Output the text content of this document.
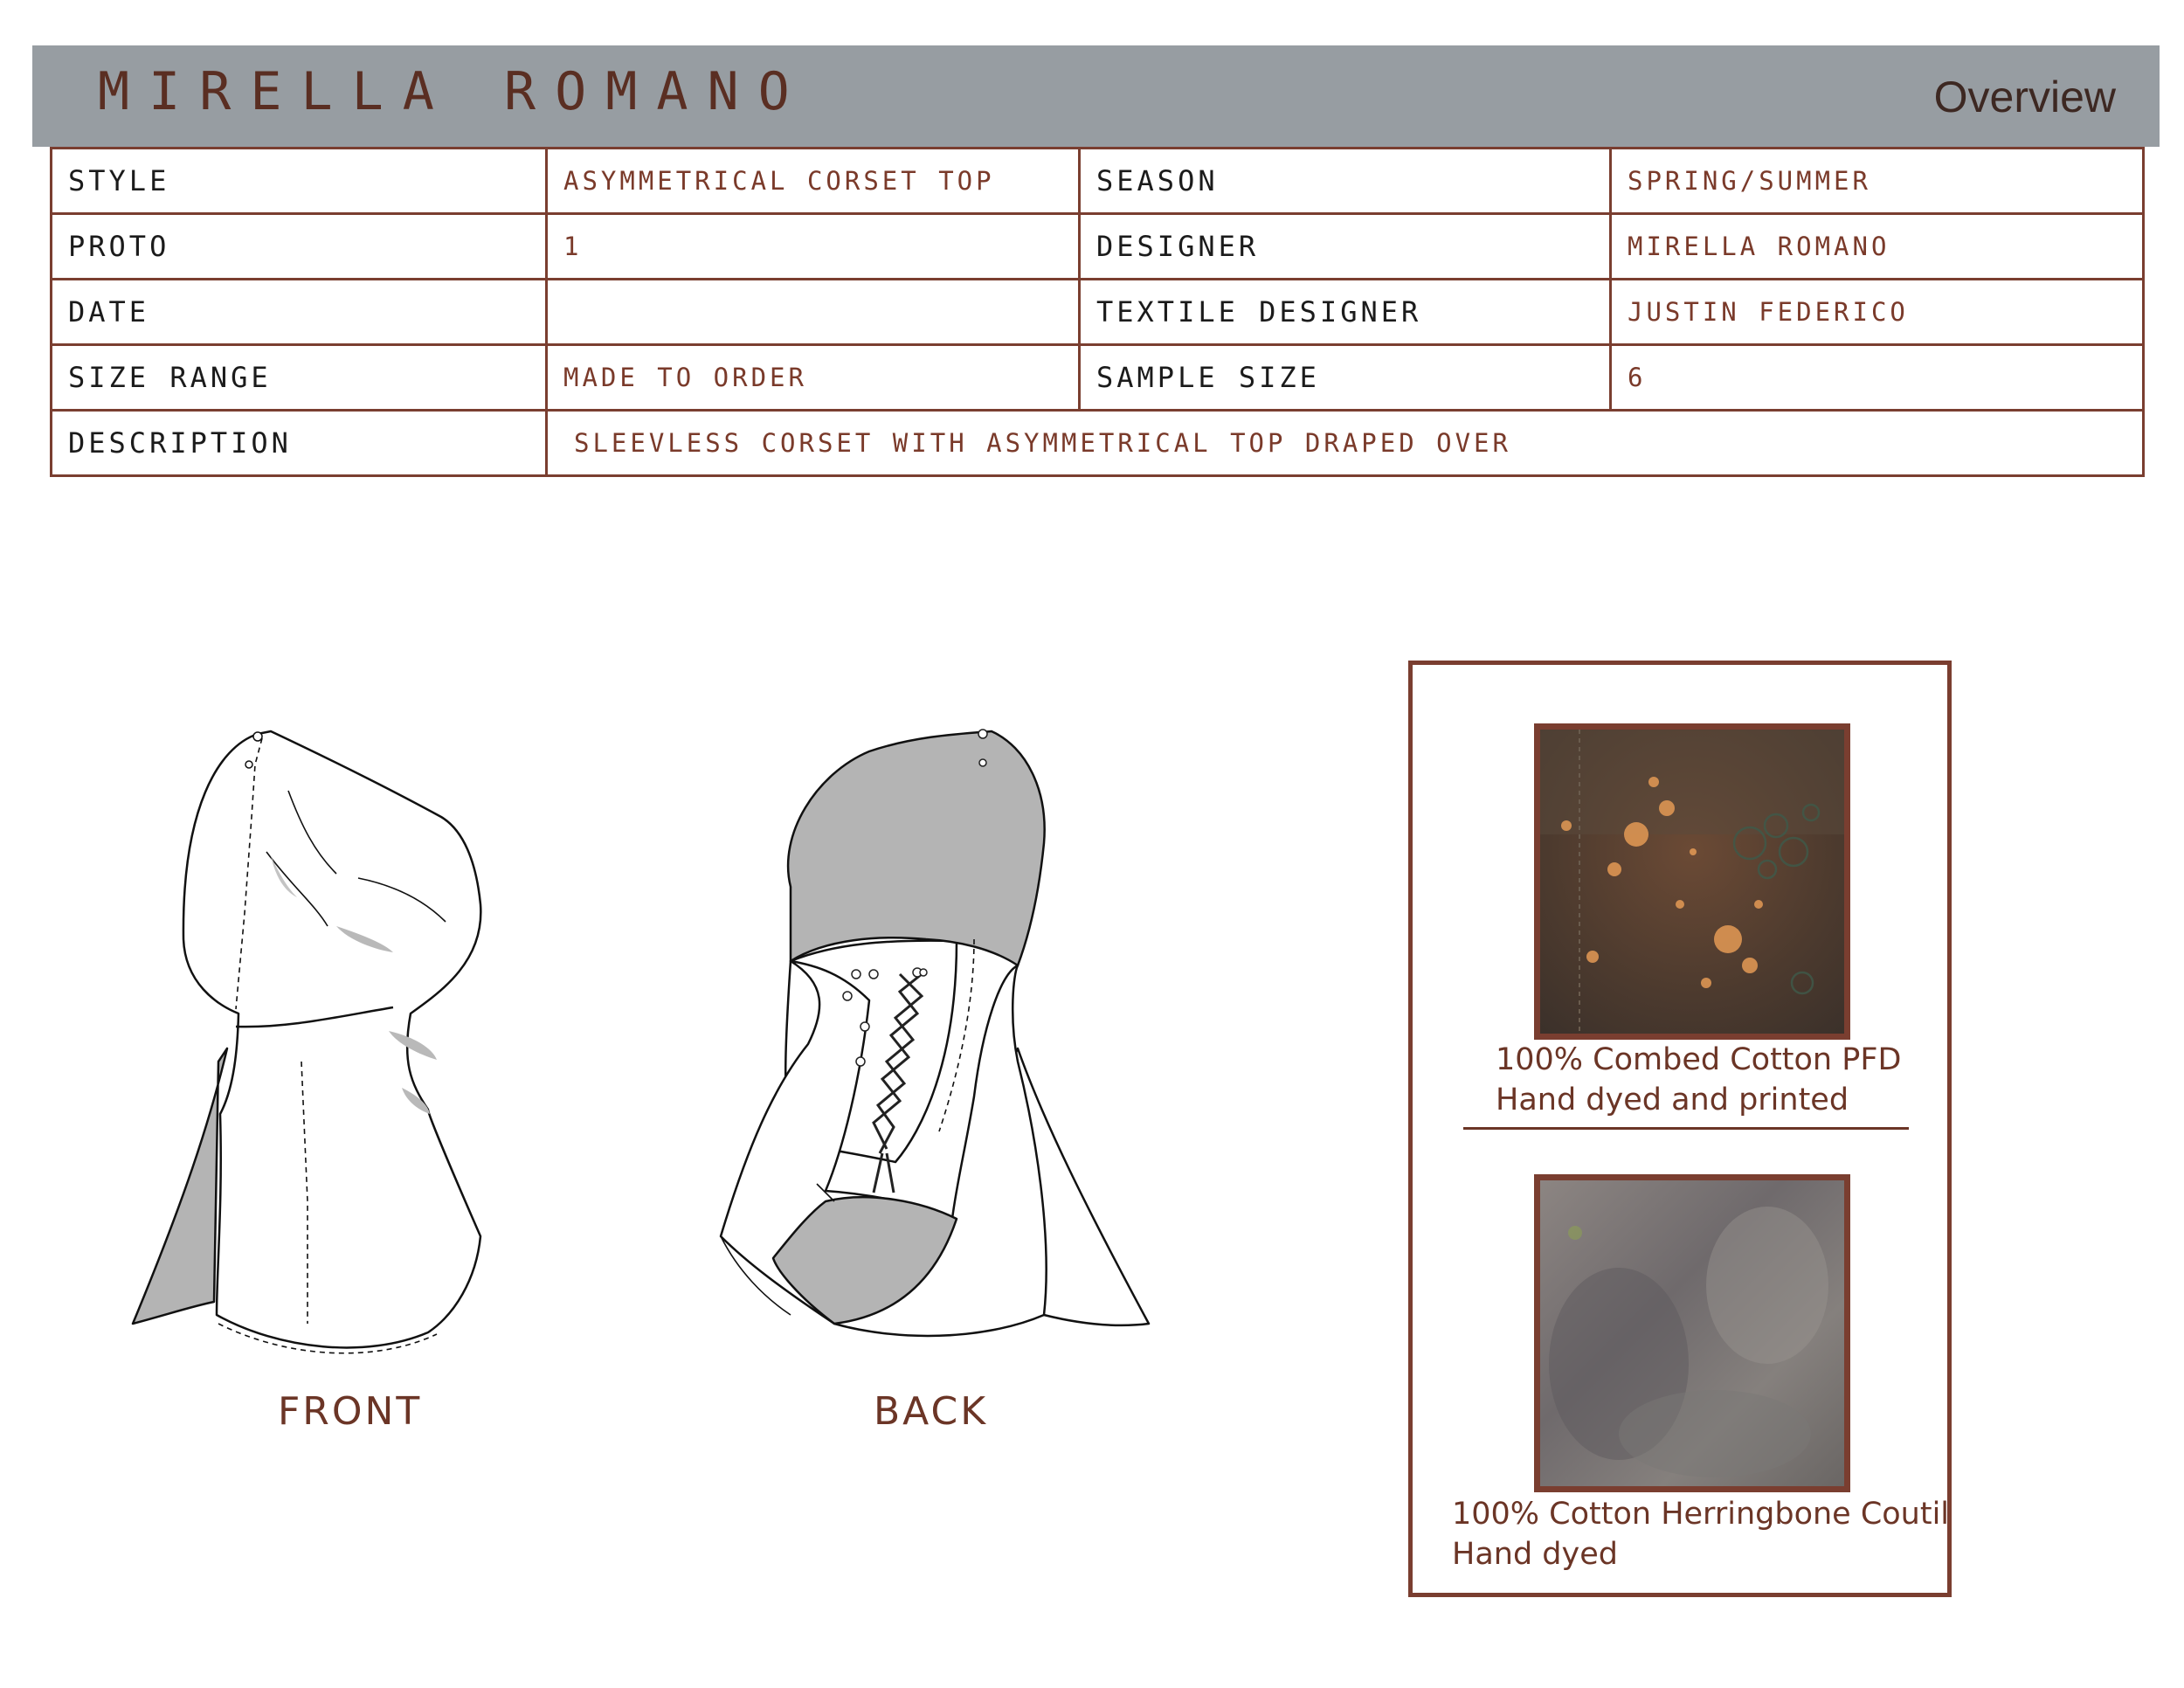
MIRELLA ROMANO	Overview
STYLE	ASYMMETRICAL CORSET TOP	SEASON	SPRING/SUMMER
PROTO	1	DESIGNER	MIRELLA ROMANO
DATE		TEXTILE DESIGNER	JUSTIN FEDERICO
SIZE RANGE	MADE TO ORDER	SAMPLE SIZE	6
DESCRIPTION	SLEEVLESS CORSET WITH ASYMMETRICAL TOP DRAPED OVER		
FRONT	BACK
100% Combed Cotton PFD
Hand dyed and printed
100% Cotton Herringbone Coutil
Hand dyed
